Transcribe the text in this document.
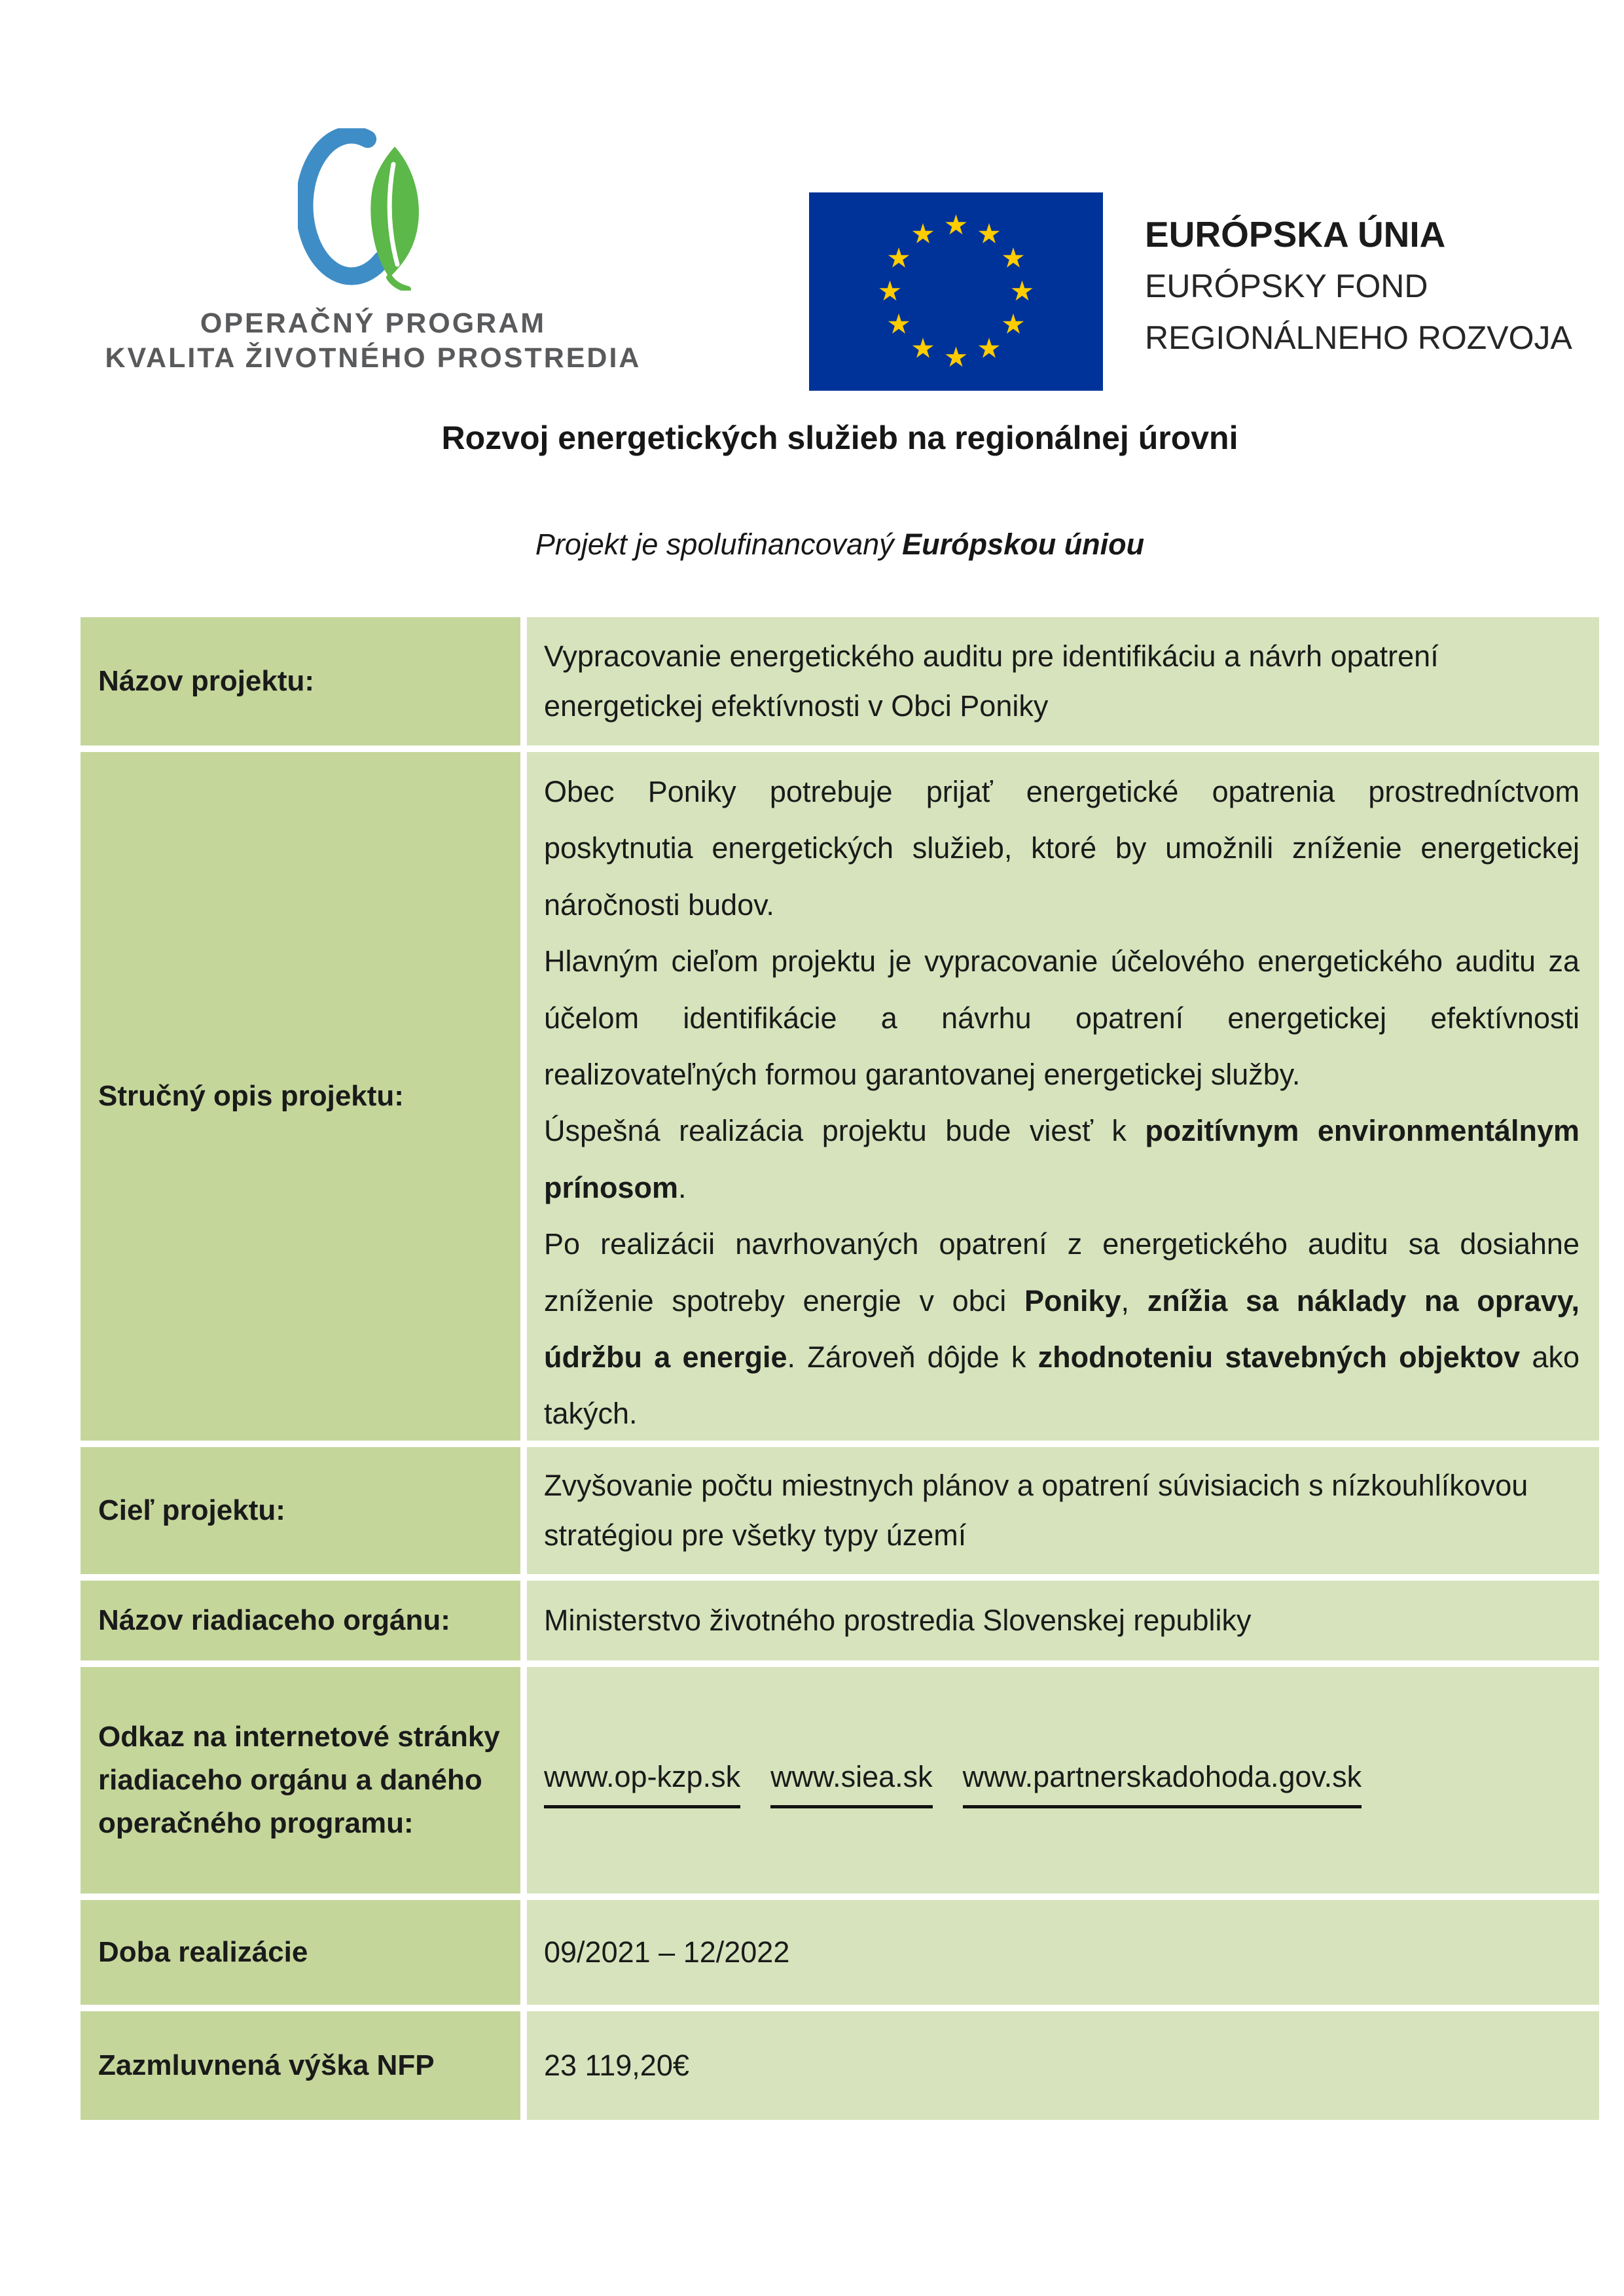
OPERAČNÝ PROGRAM
KVALITA ŽIVOTNÉHO PROSTREDIA
EURÓPSKA ÚNIA
EURÓPSKY FOND
REGIONÁLNEHO ROZVOJA
Rozvoj energetických služieb na regionálnej úrovni
Projekt je spolufinancovaný Európskou úniou
Názov projektu:
Vypracovanie energetického auditu pre identifikáciu a návrh opatrení energetickej efektívnosti v Obci Poniky
Stručný opis projektu:

Obec Poniky potrebuje prijať energetické opatrenia prostredníctvom poskytnutia energetických služieb, ktoré by umožnili zníženie energetickej náročnosti budov.

Hlavným cieľom projektu je vypracovanie účelového energetického auditu za účelom identifikácie a návrhu opatrení energetickej efektívnosti realizovateľných formou garantovanej energetickej služby.

Úspešná realizácia projektu bude viesť k pozitívnym environmentálnym prínosom.

Po realizácii navrhovaných opatrení z energetického auditu sa dosiahne zníženie spotreby energie v obci Poniky, znížia sa náklady na opravy, údržbu a energie. Zároveň dôjde k zhodnoteniu stavebných objektov ako takých.

Cieľ projektu:
Zvyšovanie počtu miestnych plánov a opatrení súvisiacich s nízkouhlíkovou stratégiou pre všetky typy území
Názov riadiaceho orgánu:	Ministerstvo životného prostredia Slovenskej republiky
Odkaz na internetové stránky riadiaceho orgánu a daného operačného programu:
www.op-kzp.sk www.siea.sk www.partnerskadohoda.gov.sk
Doba realizácie	09/2021 – 12/2022
Zazmluvnená výška NFP	23 119,20€
